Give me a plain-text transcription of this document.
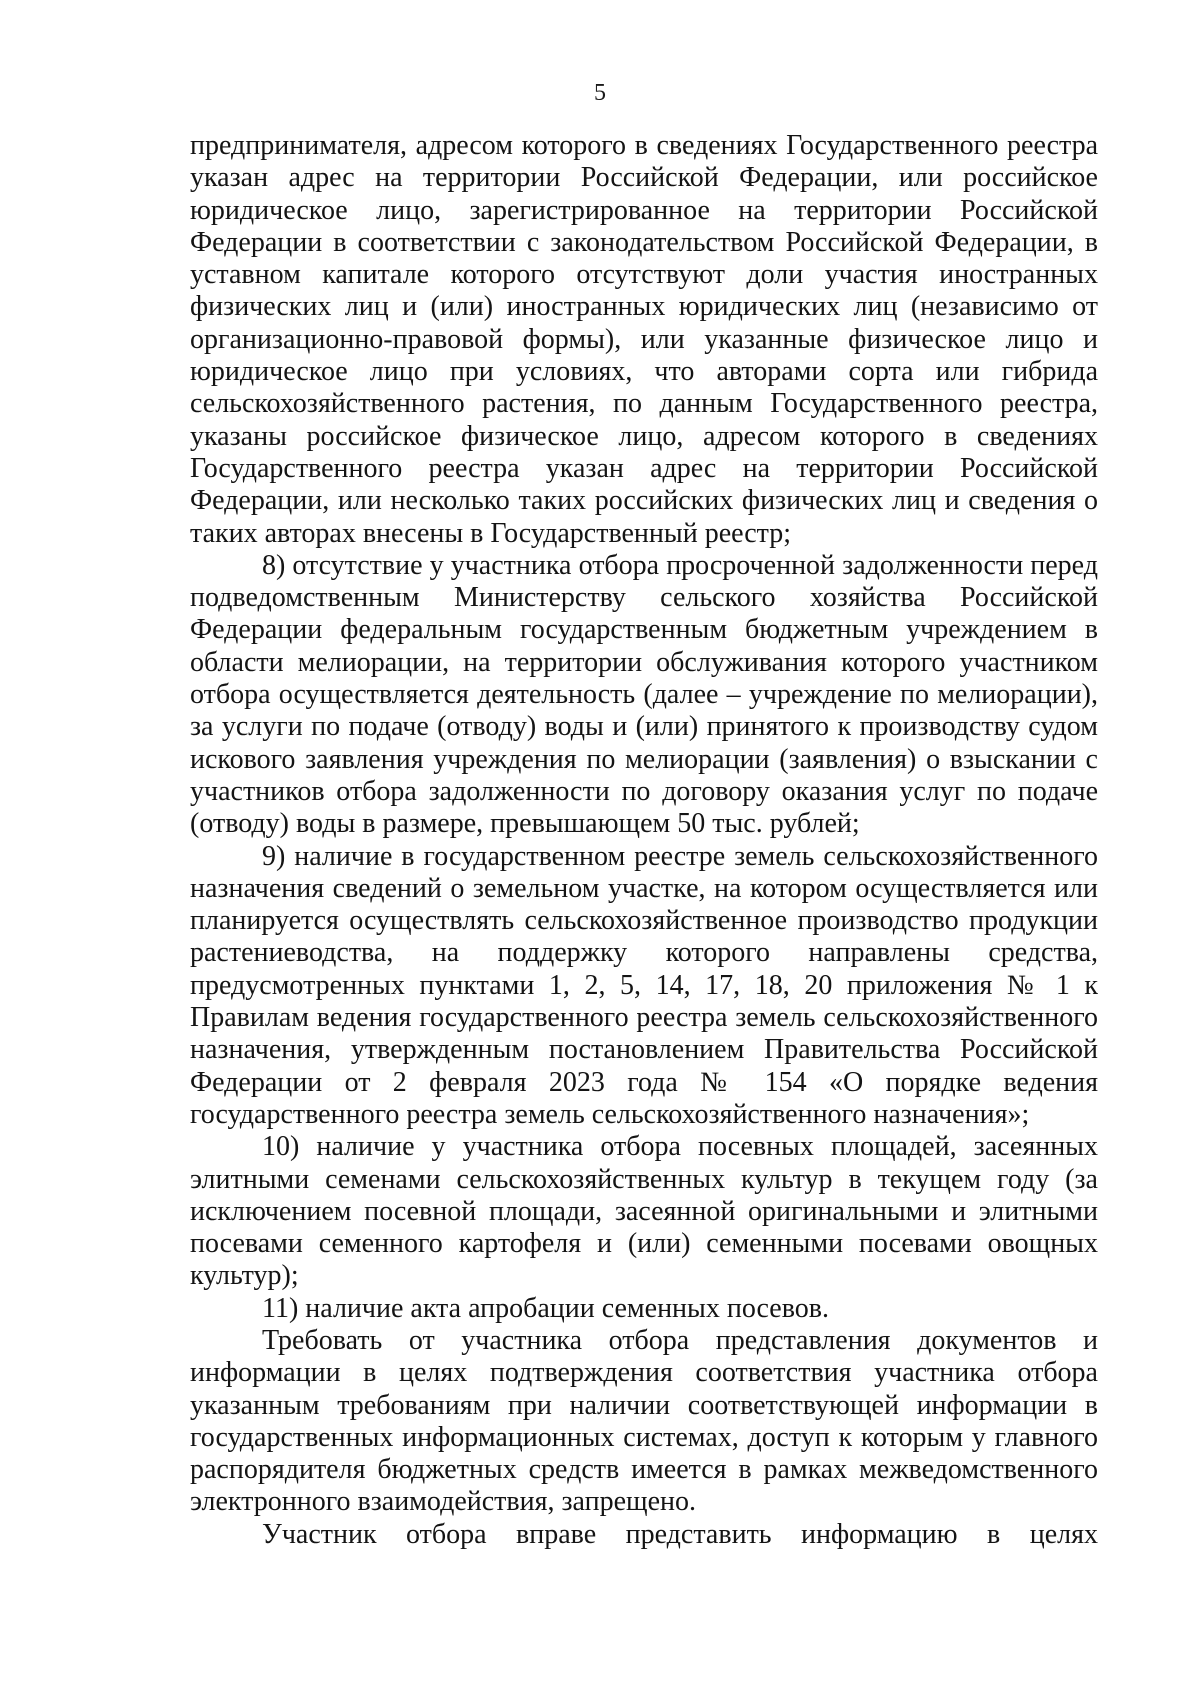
5

предпринимателя, адресом которого в сведениях Государственного реестра указан адрес на территории Российской Федерации, или российское юридическое лицо, зарегистрированное на территории Российской Федерации в соответствии с законодательством Российской Федерации, в уставном капитале которого отсутствуют доли участия иностранных физических лиц и (или) иностранных юридических лиц (независимо от организационно-правовой формы), или указанные физическое лицо и юридическое лицо при условиях, что авторами сорта или гибрида сельскохозяйственного растения, по данным Государственного реестра, указаны российское физическое лицо, адресом которого в сведениях Государственного реестра указан адрес на территории Российской Федерации, или несколько таких российских физических лиц и сведения о таких авторах внесены в Государственный реестр;

8) отсутствие у участника отбора просроченной задолженности перед подведомственным Министерству сельского хозяйства Российской Федерации федеральным государственным бюджетным учреждением в области мелиорации, на территории обслуживания которого участником отбора осуществляется деятельность (далее – учреждение по мелиорации), за услуги по подаче (отводу) воды и (или) принятого к производству судом искового заявления учреждения по мелиорации (заявления) о взыскании с участников отбора задолженности по договору оказания услуг по подаче (отводу) воды в размере, превышающем 50 тыс. рублей;

9) наличие в государственном реестре земель сельскохозяйственного назначения сведений о земельном участке, на котором осуществляется или планируется осуществлять сельскохозяйственное производство продукции растениеводства, на поддержку которого направлены средства, предусмотренных пунктами 1, 2, 5, 14, 17, 18, 20 приложения № 1 к Правилам ведения государственного реестра земель сельскохозяйственного назначения, утвержденным постановлением Правительства Российской Федерации от 2 февраля 2023 года № 154 «О порядке ведения государственного реестра земель сельскохозяйственного назначения»;

10) наличие у участника отбора посевных площадей, засеянных элитными семенами сельскохозяйственных культур в текущем году (за исключением посевной площади, засеянной оригинальными и элитными посевами семенного картофеля и (или) семенными посевами овощных культур);

11) наличие акта апробации семенных посевов.

Требовать от участника отбора представления документов и информации в целях подтверждения соответствия участника отбора указанным требованиям при наличии соответствующей информации в государственных информационных системах, доступ к которым у главного распорядителя бюджетных средств имеется в рамках межведомственного электронного взаимодействия, запрещено.

Участник отбора вправе представить информацию в целях
